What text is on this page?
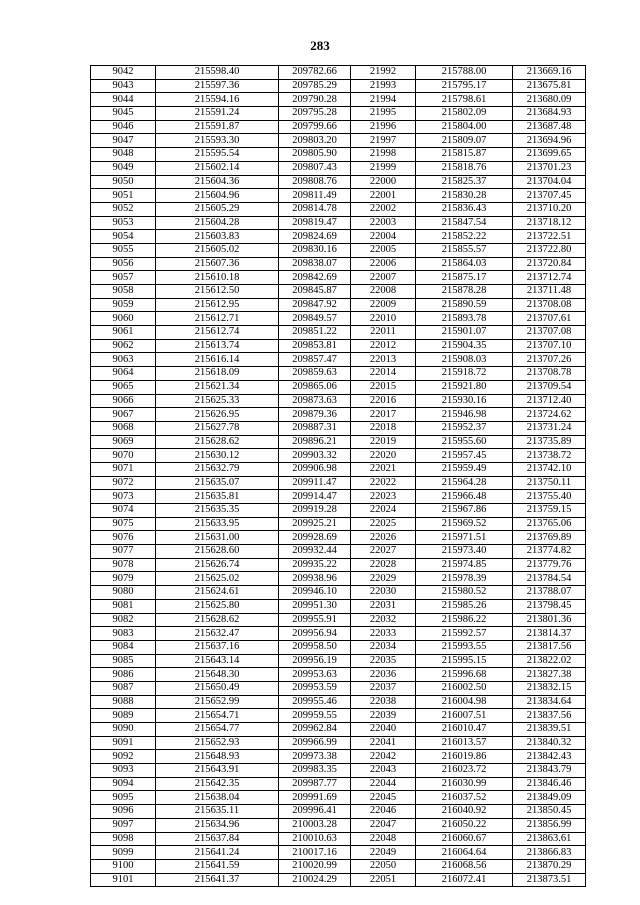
283
9042	215598.40	209782.66	21992	215788.00	213669.16
9043	215597.36	209785.29	21993	215795.17	213675.81
9044	215594.16	209790.28	21994	215798.61	213680.09
9045	215591.24	209795.28	21995	215802.09	213684.93
9046	215591.87	209799.66	21996	215804.00	213687.48
9047	215593.30	209803.20	21997	215809.07	213694.96
9048	215595.54	209805.90	21998	215815.87	213699.65
9049	215602.14	209807.43	21999	215818.76	213701.23
9050	215604.36	209808.76	22000	215825.37	213704.04
9051	215604.96	209811.49	22001	215830.28	213707.45
9052	215605.29	209814.78	22002	215836.43	213710.20
9053	215604.28	209819.47	22003	215847.54	213718.12
9054	215603.83	209824.69	22004	215852.22	213722.51
9055	215605.02	209830.16	22005	215855.57	213722.80
9056	215607.36	209838.07	22006	215864.03	213720.84
9057	215610.18	209842.69	22007	215875.17	213712.74
9058	215612.50	209845.87	22008	215878.28	213711.48
9059	215612.95	209847.92	22009	215890.59	213708.08
9060	215612.71	209849.57	22010	215893.78	213707.61
9061	215612.74	209851.22	22011	215901.07	213707.08
9062	215613.74	209853.81	22012	215904.35	213707.10
9063	215616.14	209857.47	22013	215908.03	213707.26
9064	215618.09	209859.63	22014	215918.72	213708.78
9065	215621.34	209865.06	22015	215921.80	213709.54
9066	215625.33	209873.63	22016	215930.16	213712.40
9067	215626.95	209879.36	22017	215946.98	213724.62
9068	215627.78	209887.31	22018	215952.37	213731.24
9069	215628.62	209896.21	22019	215955.60	213735.89
9070	215630.12	209903.32	22020	215957.45	213738.72
9071	215632.79	209906.98	22021	215959.49	213742.10
9072	215635.07	209911.47	22022	215964.28	213750.11
9073	215635.81	209914.47	22023	215966.48	213755.40
9074	215635.35	209919.28	22024	215967.86	213759.15
9075	215633.95	209925.21	22025	215969.52	213765.06
9076	215631.00	209928.69	22026	215971.51	213769.89
9077	215628.60	209932.44	22027	215973.40	213774.82
9078	215626.74	209935.22	22028	215974.85	213779.76
9079	215625.02	209938.96	22029	215978.39	213784.54
9080	215624.61	209946.10	22030	215980.52	213788.07
9081	215625.80	209951.30	22031	215985.26	213798.45
9082	215628.62	209955.91	22032	215986.22	213801.36
9083	215632.47	209956.94	22033	215992.57	213814.37
9084	215637.16	209958.50	22034	215993.55	213817.56
9085	215643.14	209956.19	22035	215995.15	213822.02
9086	215648.30	209953.63	22036	215996.68	213827.38
9087	215650.49	209953.59	22037	216002.50	213832.15
9088	215652.99	209955.46	22038	216004.98	213834.64
9089	215654.71	209959.55	22039	216007.51	213837.56
9090	215654.77	209962.84	22040	216010.47	213839.51
9091	215652.93	209966.99	22041	216013.57	213840.32
9092	215648.93	209973.38	22042	216019.86	213842.43
9093	215643.91	209983.35	22043	216023.72	213843.79
9094	215642.35	209987.77	22044	216030.99	213846.46
9095	215638.04	209991.69	22045	216037.52	213849.09
9096	215635.11	209996.41	22046	216040.92	213850.45
9097	215634.96	210003.28	22047	216050.22	213856.99
9098	215637.84	210010.63	22048	216060.67	213863.61
9099	215641.24	210017.16	22049	216064.64	213866.83
9100	215641.59	210020.99	22050	216068.56	213870.29
9101	215641.37	210024.29	22051	216072.41	213873.51
